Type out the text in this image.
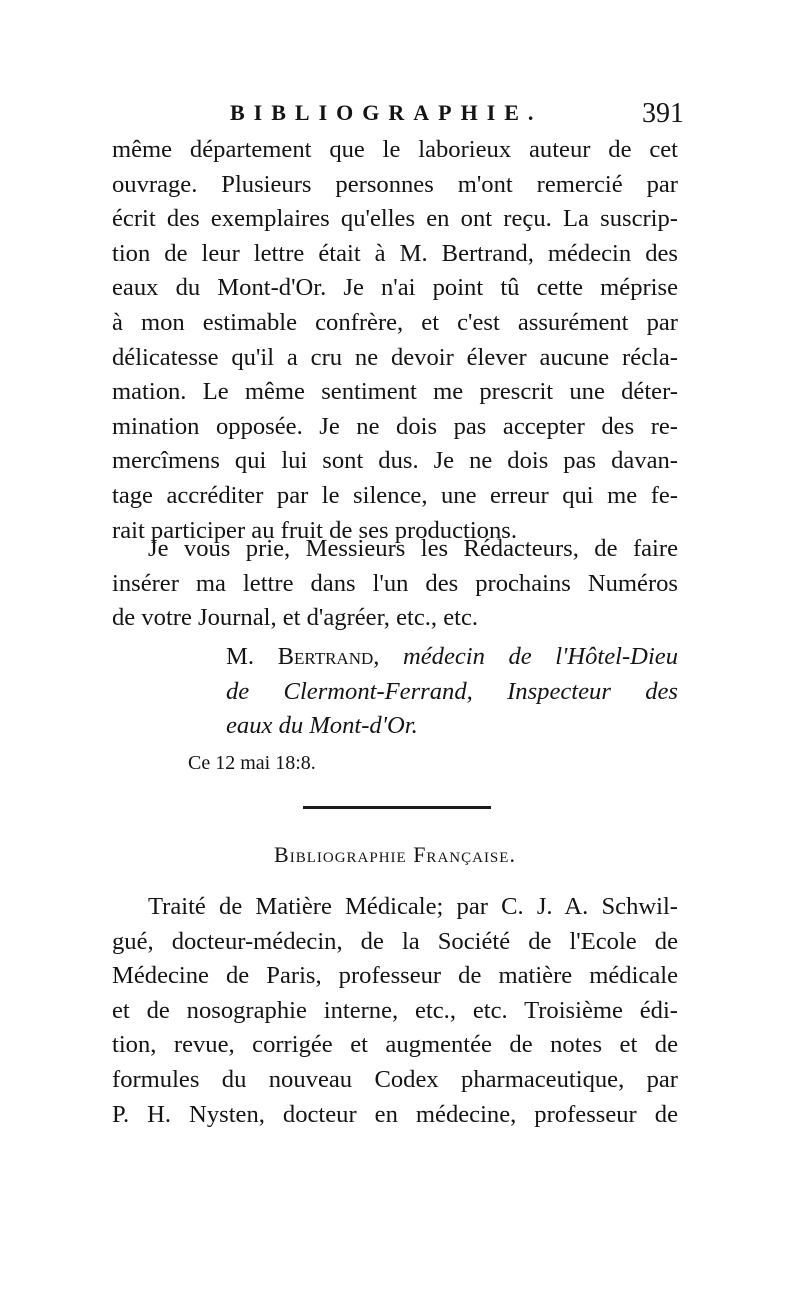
BIBLIOGRAPHIE.	391
même département que le laborieux auteur de cet
ouvrage. Plusieurs personnes m'ont remercié par
écrit des exemplaires qu'elles en ont reçu. La suscrip-
tion de leur lettre était à M. Bertrand, médecin des
eaux du Mont-d'Or. Je n'ai point tû cette méprise
à mon estimable confrère, et c'est assurément par
délicatesse qu'il a cru ne devoir élever aucune récla-
mation. Le même sentiment me prescrit une déter-
mination opposée. Je ne dois pas accepter des re-
mercîmens qui lui sont dus. Je ne dois pas davan-
tage accréditer par le silence, une erreur qui me fe-
rait participer au fruit de ses productions.
Je vous prie, Messieurs les Rédacteurs, de faire
insérer ma lettre dans l'un des prochains Numéros
de votre Journal, et d'agréer, etc., etc.
M. Bertrand, médecin de l'Hôtel-Dieu
de Clermont-Ferrand, Inspecteur des
eaux du Mont-d'Or.
Ce 12 mai 18:8.
Bibliographie Française.
Traité de Matière Médicale; par C. J. A. Schwil-
gué, docteur-médecin, de la Société de l'Ecole de
Médecine de Paris, professeur de matière médicale
et de nosographie interne, etc., etc. Troisième édi-
tion, revue, corrigée et augmentée de notes et de
formules du nouveau Codex pharmaceutique, par
P. H. Nysten, docteur en médecine, professeur de
